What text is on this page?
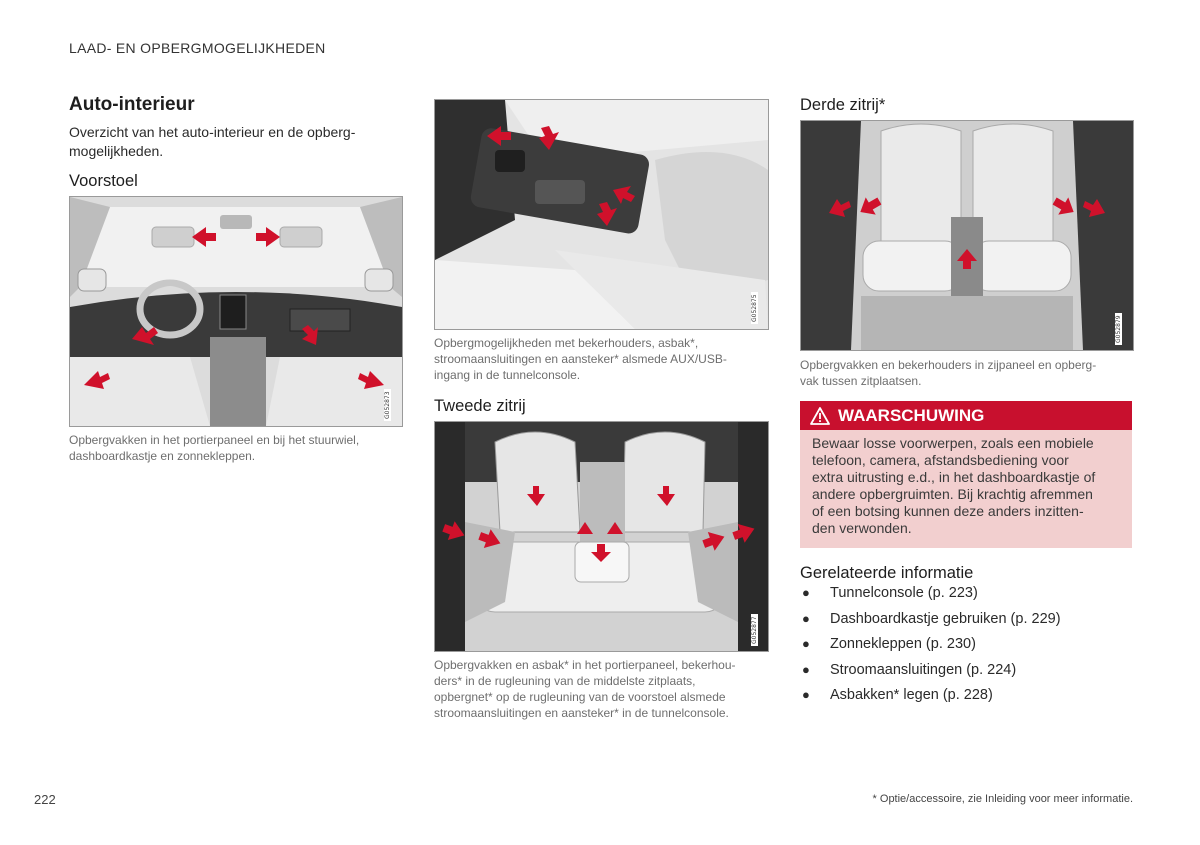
LAAD- EN OPBERGMOGELIJKHEDEN
Auto-interieur
Overzicht van het auto-interieur en de opberg-
mogelijkheden.
Voorstoel
G052873
Opbergvakken in het portierpaneel en bij het stuurwiel,
dashboardkastje en zonnekleppen.
G052875
Opbergmogelijkheden met bekerhouders, asbak*,
stroomaansluitingen en aansteker* alsmede AUX/USB-
ingang in de tunnelconsole.
Tweede zitrij
G052877
Opbergvakken en asbak* in het portierpaneel, bekerhou-
ders* in de rugleuning van de middelste zitplaats,
opbergnet* op de rugleuning van de voorstoel alsmede
stroomaansluitingen en aansteker* in de tunnelconsole.
Derde zitrij*
G052879
Opbergvakken en bekerhouders in zijpaneel en opberg-
vak tussen zitplaatsen.
WAARSCHUWING
Bewaar losse voorwerpen, zoals een mobiele
telefoon, camera, afstandsbediening voor
extra uitrusting e.d., in het dashboardkastje of
andere opbergruimten. Bij krachtig afremmen
of een botsing kunnen deze anders inzitten-
den verwonden.
Gerelateerde informatie
●	Tunnelconsole (p. 223)
●	Dashboardkastje gebruiken (p. 229)
●	Zonnekleppen (p. 230)
●	Stroomaansluitingen (p. 224)
●	Asbakken* legen (p. 228)
222	* Optie/accessoire, zie Inleiding voor meer informatie.
